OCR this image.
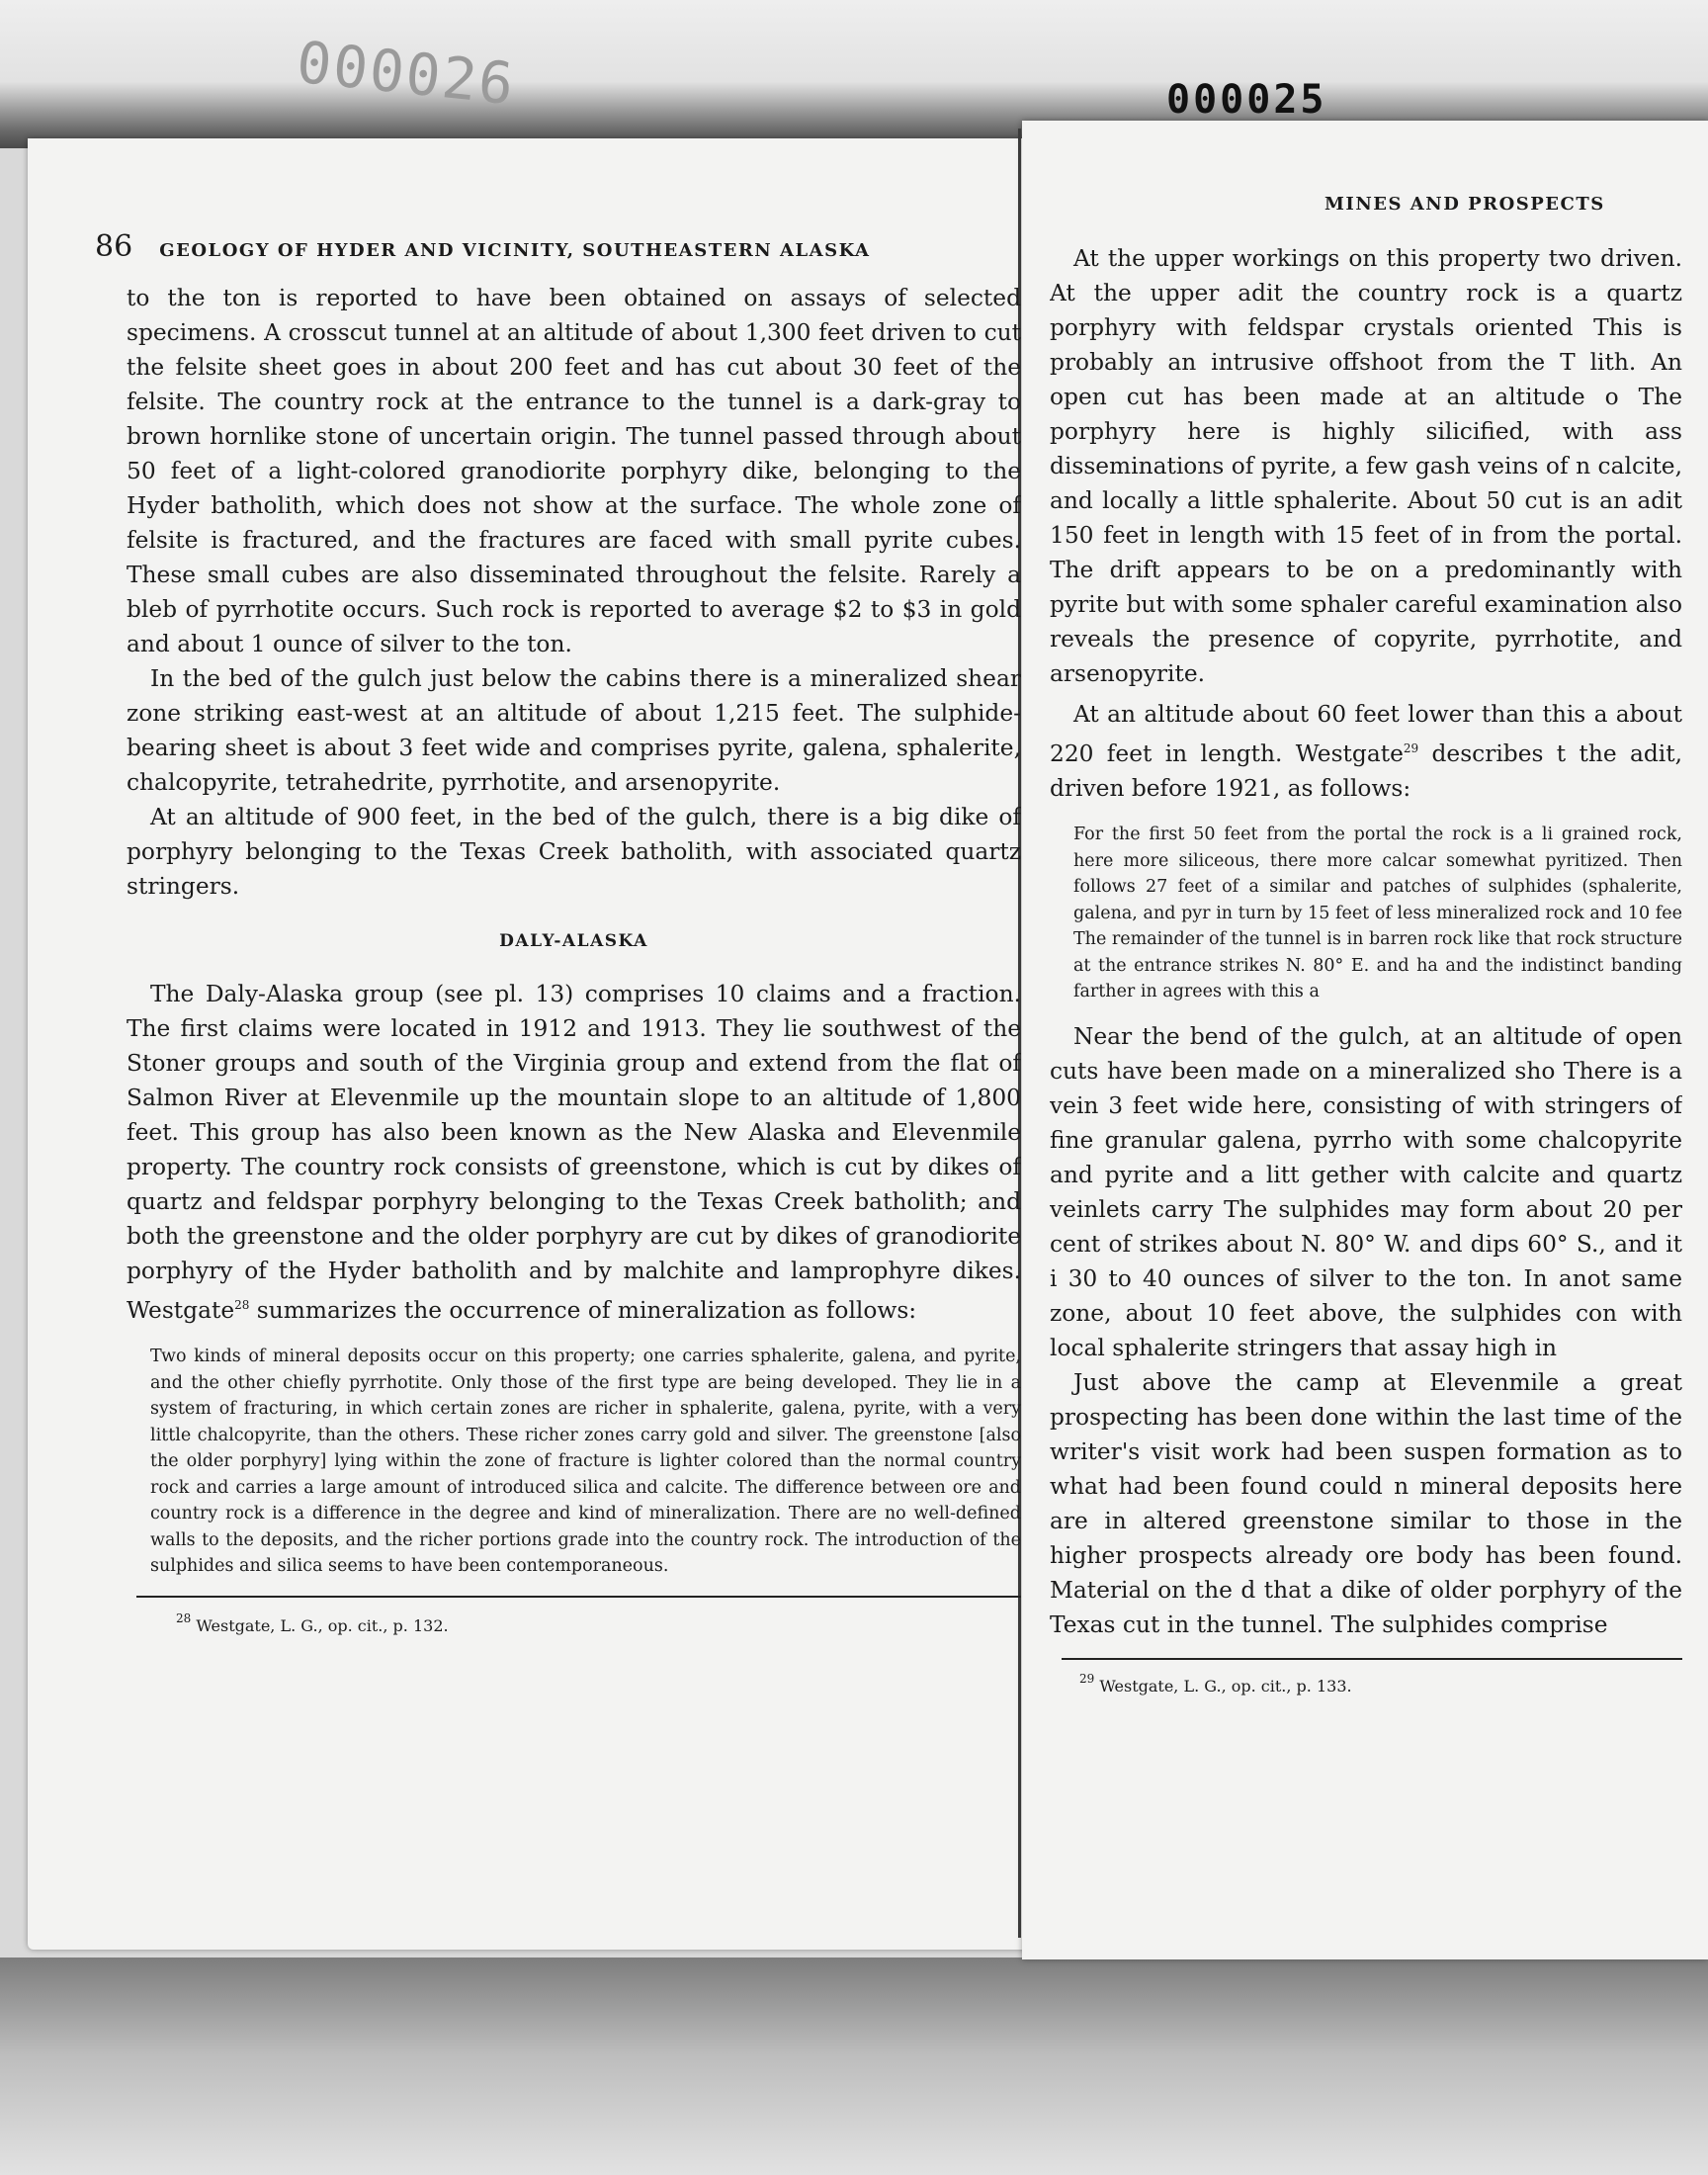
000026	000025
86 GEOLOGY OF HYDER AND VICINITY, SOUTHEASTERN ALASKA
MINES AND PROSPECTS

to the ton is reported to have been obtained on assays of selected specimens. A crosscut tunnel at an altitude of about 1,300 feet driven to cut the felsite sheet goes in about 200 feet and has cut about 30 feet of the felsite. The country rock at the entrance to the tunnel is a dark-gray to brown hornlike stone of uncertain origin. The tunnel passed through about 50 feet of a light-colored granodiorite porphyry dike, belonging to the Hyder batholith, which does not show at the surface. The whole zone of felsite is fractured, and the fractures are faced with small pyrite cubes. These small cubes are also disseminated throughout the felsite. Rarely a bleb of pyrrhotite occurs. Such rock is reported to average $2 to $3 in gold and about 1 ounce of silver to the ton.

In the bed of the gulch just below the cabins there is a mineralized shear zone striking east-west at an altitude of about 1,215 feet. The sulphide-bearing sheet is about 3 feet wide and comprises pyrite, galena, sphalerite, chalcopyrite, tetrahedrite, pyrrhotite, and arsenopyrite.

At an altitude of 900 feet, in the bed of the gulch, there is a big dike of porphyry belonging to the Texas Creek batholith, with associated quartz stringers.

DALY-ALASKA

The Daly-Alaska group (see pl. 13) comprises 10 claims and a fraction. The first claims were located in 1912 and 1913. They lie southwest of the Stoner groups and south of the Virginia group and extend from the flat of Salmon River at Elevenmile up the mountain slope to an altitude of 1,800 feet. This group has also been known as the New Alaska and Elevenmile property. The country rock consists of greenstone, which is cut by dikes of quartz and feldspar porphyry belonging to the Texas Creek batholith; and both the greenstone and the older porphyry are cut by dikes of granodiorite porphyry of the Hyder batholith and by malchite and lamprophyre dikes. Westgate$^{28}$ summarizes the occurrence of mineralization as follows:

Two kinds of mineral deposits occur on this property; one carries sphalerite, galena, and pyrite, and the other chiefly pyrrhotite. Only those of the first type are being developed. They lie in a system of fracturing, in which certain zones are richer in sphalerite, galena, pyrite, with a very little chalcopyrite, than the others. These richer zones carry gold and silver. The greenstone [also the older porphyry] lying within the zone of fracture is lighter colored than the normal country rock and carries a large amount of introduced silica and calcite. The difference between ore and country rock is a difference in the degree and kind of mineralization. There are no well-defined walls to the deposits, and the richer portions grade into the country rock. The introduction of the sulphides and silica seems to have been contemporaneous.

$^{28}$ Westgate, L. G., op. cit., p. 132.

At the upper workings on this property two driven. At the upper adit the country rock is a quartz porphyry with feldspar crystals oriented This is probably an intrusive offshoot from the T lith. An open cut has been made at an altitude o The porphyry here is highly silicified, with ass disseminations of pyrite, a few gash veins of n calcite, and locally a little sphalerite. About 50 cut is an adit 150 feet in length with 15 feet of in from the portal. The drift appears to be on a predominantly with pyrite but with some sphaler careful examination also reveals the presence of copyrite, pyrrhotite, and arsenopyrite.

At an altitude about 60 feet lower than this a about 220 feet in length. Westgate$^{29}$ describes t the adit, driven before 1921, as follows:

For the first 50 feet from the portal the rock is a li grained rock, here more siliceous, there more calcar somewhat pyritized. Then follows 27 feet of a similar and patches of sulphides (sphalerite, galena, and pyr in turn by 15 feet of less mineralized rock and 10 fee The remainder of the tunnel is in barren rock like that rock structure at the entrance strikes N. 80° E. and ha and the indistinct banding farther in agrees with this a

Near the bend of the gulch, at an altitude of open cuts have been made on a mineralized sho There is a vein 3 feet wide here, consisting of with stringers of fine granular galena, pyrrho with some chalcopyrite and pyrite and a litt gether with calcite and quartz veinlets carry The sulphides may form about 20 per cent of strikes about N. 80° W. and dips 60° S., and it i 30 to 40 ounces of silver to the ton. In anot same zone, about 10 feet above, the sulphides con with local sphalerite stringers that assay high in

Just above the camp at Elevenmile a great prospecting has been done within the last time of the writer's visit work had been suspen formation as to what had been found could n mineral deposits here are in altered greenstone similar to those in the higher prospects already ore body has been found. Material on the d that a dike of older porphyry of the Texas cut in the tunnel. The sulphides comprise

$^{29}$ Westgate, L. G., op. cit., p. 133.
